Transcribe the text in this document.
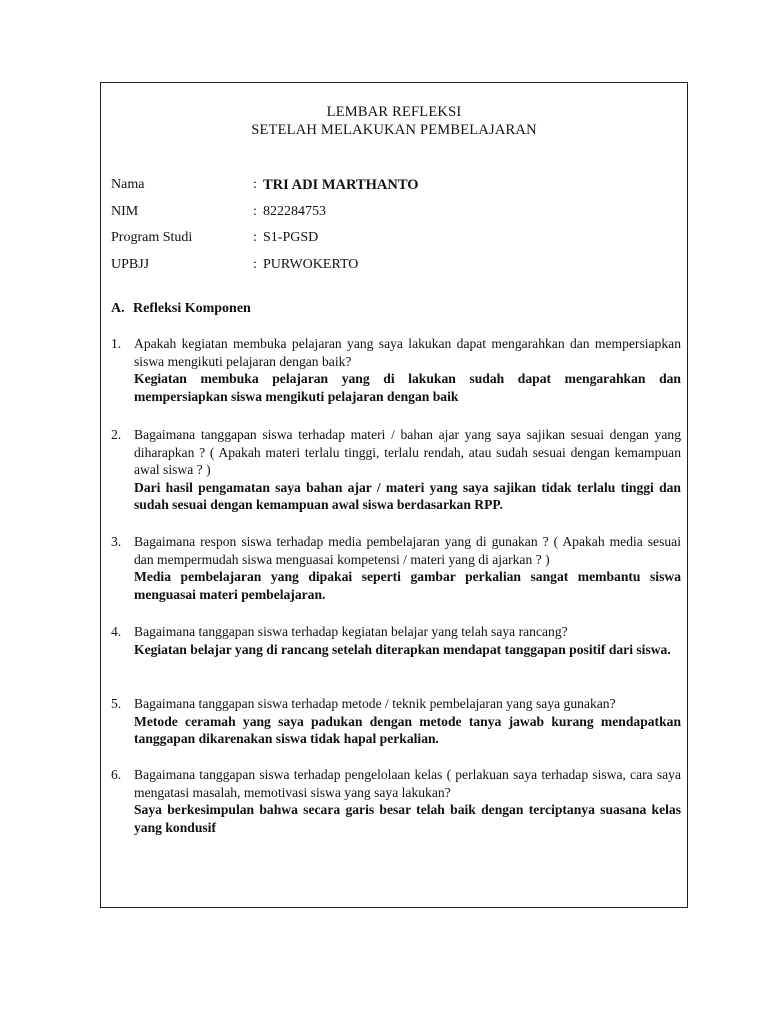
LEMBAR REFLEKSI
SETELAH MELAKUKAN PEMBELAJARAN
Nama	: TRI ADI MARTHANTO
NIM	: 822284753
Program Studi	: S1-PGSD
UPBJJ	: PURWOKERTO
A. Refleksi Komponen
1. Apakah kegiatan membuka pelajaran yang saya lakukan dapat mengarahkan dan mempersiapkan siswa mengikuti pelajaran dengan baik?
Kegiatan membuka pelajaran yang di lakukan sudah dapat mengarahkan dan mempersiapkan siswa mengikuti pelajaran dengan baik
2. Bagaimana tanggapan siswa terhadap materi / bahan ajar yang saya sajikan sesuai dengan yang diharapkan ? ( Apakah materi terlalu tinggi, terlalu rendah, atau sudah sesuai dengan kemampuan awal siswa ? )
Dari hasil pengamatan saya bahan ajar / materi yang saya sajikan tidak terlalu tinggi dan sudah sesuai dengan kemampuan awal siswa berdasarkan RPP.
3. Bagaimana respon siswa terhadap media pembelajaran yang di gunakan ? ( Apakah media sesuai dan mempermudah siswa menguasai kompetensi / materi yang di ajarkan ? )
Media pembelajaran yang dipakai seperti gambar perkalian sangat membantu siswa menguasai materi pembelajaran.
4. Bagaimana tanggapan siswa terhadap kegiatan belajar yang telah saya rancang?
Kegiatan belajar yang di rancang setelah diterapkan mendapat tanggapan positif dari siswa.
5. Bagaimana tanggapan siswa terhadap metode / teknik pembelajaran yang saya gunakan?
Metode ceramah yang saya padukan dengan metode tanya jawab kurang mendapatkan tanggapan dikarenakan siswa tidak hapal perkalian.
6. Bagaimana tanggapan siswa terhadap pengelolaan kelas ( perlakuan saya terhadap siswa, cara saya mengatasi masalah, memotivasi siswa yang saya lakukan?
Saya berkesimpulan bahwa secara garis besar telah baik dengan terciptanya suasana kelas yang kondusif
